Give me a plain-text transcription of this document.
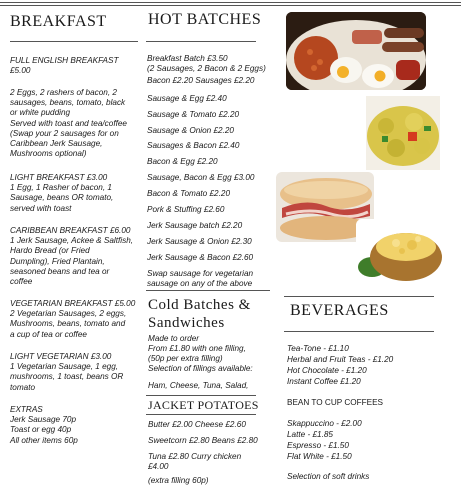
BREAKFAST
FULL ENGLISH BREAKFAST
£5.00
2 Eggs, 2 rashers of bacon, 2
sausages, beans, tomato, black
or white pudding
Served with toast and tea/coffee
(Swap your 2 sausages for on
Caribbean Jerk Sausage,
Mushrooms optional)
LIGHT BREAKFAST £3.00
1 Egg, 1 Rasher of bacon, 1
Sausage, beans OR tomato,
served with toast
CARIBBEAN BREAKFAST £6.00
1 Jerk Sausage, Ackee & Saltfish,
Hardo Bread (or Fried
Dumpling), Fried Plantain,
seasoned beans and tea or
coffee
VEGETARIAN BREAKFAST £5.00
2 Vegetarian Sausages, 2 eggs,
Mushrooms, beans, tomato and
a cup of tea or coffee
LIGHT VEGETARIAN £3.00
1 Vegetarian Sausage, 1 egg,
mushrooms, 1 toast, beans OR
tomato
EXTRAS
Jerk Sausage 70p
Toast or egg 40p
All other items 60p
HOT BATCHES
Breakfast Batch £3.50
(2 Sausages, 2 Bacon & 2 Eggs)
Bacon £2.20 Sausages £2.20
Sausage & Egg £2.40
Sausage & Tomato £2.20
Sausage & Onion £2.20
Sausages & Bacon £2.40
Bacon & Egg £2.20
Sausage, Bacon & Egg £3.00
Bacon & Tomato £2.20
Pork & Stuffing £2.60
Jerk Sausage batch £2.20
Jerk Sausage & Onion £2.30
Jerk Sausage & Bacon £2.60
Swap sausage for vegetarian
sausage on any of the above
Cold Batches &
Sandwiches
Made to order
From £1.80 with one filling,
(50p per extra filling)
Selection of fillings available:
Ham, Cheese, Tuna, Salad,
JACKET POTATOES
Butter £2.00 Cheese £2.60
Sweetcorn £2.80 Beans £2.80
Tuna £2.80 Curry chicken
£4.00
(extra filling 60p)
BEVERAGES
Tea-Tone - £1.10
Herbal and Fruit Teas - £1.20
Hot Chocolate - £1.20
Instant Coffee £1.20
BEAN TO CUP COFFEES
Skappuccino - £2.00
Latte - £1.85
Espresso - £1.50
Flat White - £1.50
Selection of soft drinks
